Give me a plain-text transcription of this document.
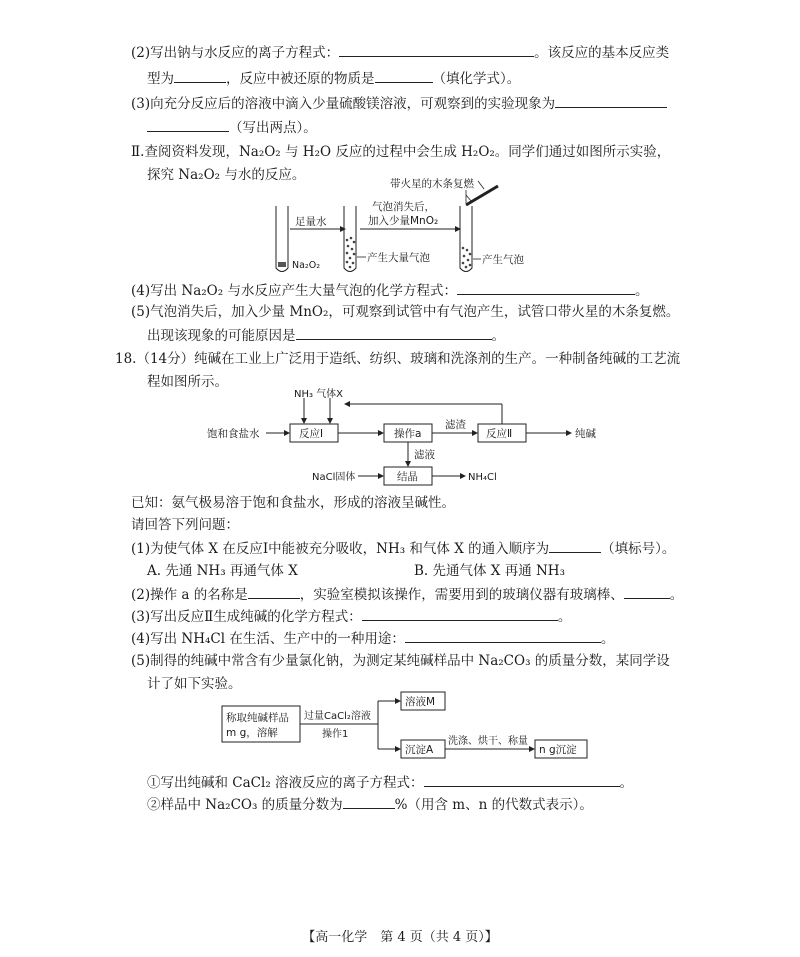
(2)写出钠与水反应的离子方程式：	。该反应的基本反应类
型为	，反应中被还原的物质是	（填化学式）。
(3)向充分反应后的溶液中滴入少量硫酸镁溶液，可观察到的实验现象为
（写出两点）。
Ⅱ.查阅资料发现，Na₂O₂ 与 H₂O 反应的过程中会生成 H₂O₂。同学们通过如图所示实验，
探究 Na₂O₂ 与水的反应。
带火星的木条复燃
足量水
气泡消失后，
加入少量MnO₂
Na₂O₂
产生大量气泡	产生气泡
(4)写出 Na₂O₂ 与水反应产生大量气泡的化学方程式：	。
(5)气泡消失后，加入少量 MnO₂，可观察到试管中有气泡产生，试管口带火星的木条复燃。
出现该现象的可能原因是	。
18.（14分）纯碱在工业上广泛用于造纸、纺织、玻璃和洗涤剂的生产。一种制备纯碱的工艺流
程如图所示。
NH₃ 气体X
饱和食盐水	反应Ⅰ	操作a
滤渣
反应Ⅱ	纯碱
滤液
NaCl固体	结晶	NH₄Cl
已知：氨气极易溶于饱和食盐水，形成的溶液呈碱性。
请回答下列问题：
(1)为使气体 X 在反应Ⅰ中能被充分吸收，NH₃ 和气体 X 的通入顺序为	（填标号）。
A. 先通 NH₃ 再通气体 X	B. 先通气体 X 再通 NH₃
(2)操作 a 的名称是	，实验室模拟该操作，需要用到的玻璃仪器有玻璃棒、	。
(3)写出反应Ⅱ生成纯碱的化学方程式：	。
(4)写出 NH₄Cl 在生活、生产中的一种用途：	。
(5)制得的纯碱中常含有少量氯化钠，为测定某纯碱样品中 Na₂CO₃ 的质量分数，某同学设
计了如下实验。
称取纯碱样品
m g，溶解
过量CaCl₂溶液
操作1
溶液M
沉淀A
洗涤、烘干、称量
n g沉淀
①写出纯碱和 CaCl₂ 溶液反应的离子方程式：	。
②样品中 Na₂CO₃ 的质量分数为	%（用含 m、n 的代数式表示）。
【高一化学　第 4 页（共 4 页）】
